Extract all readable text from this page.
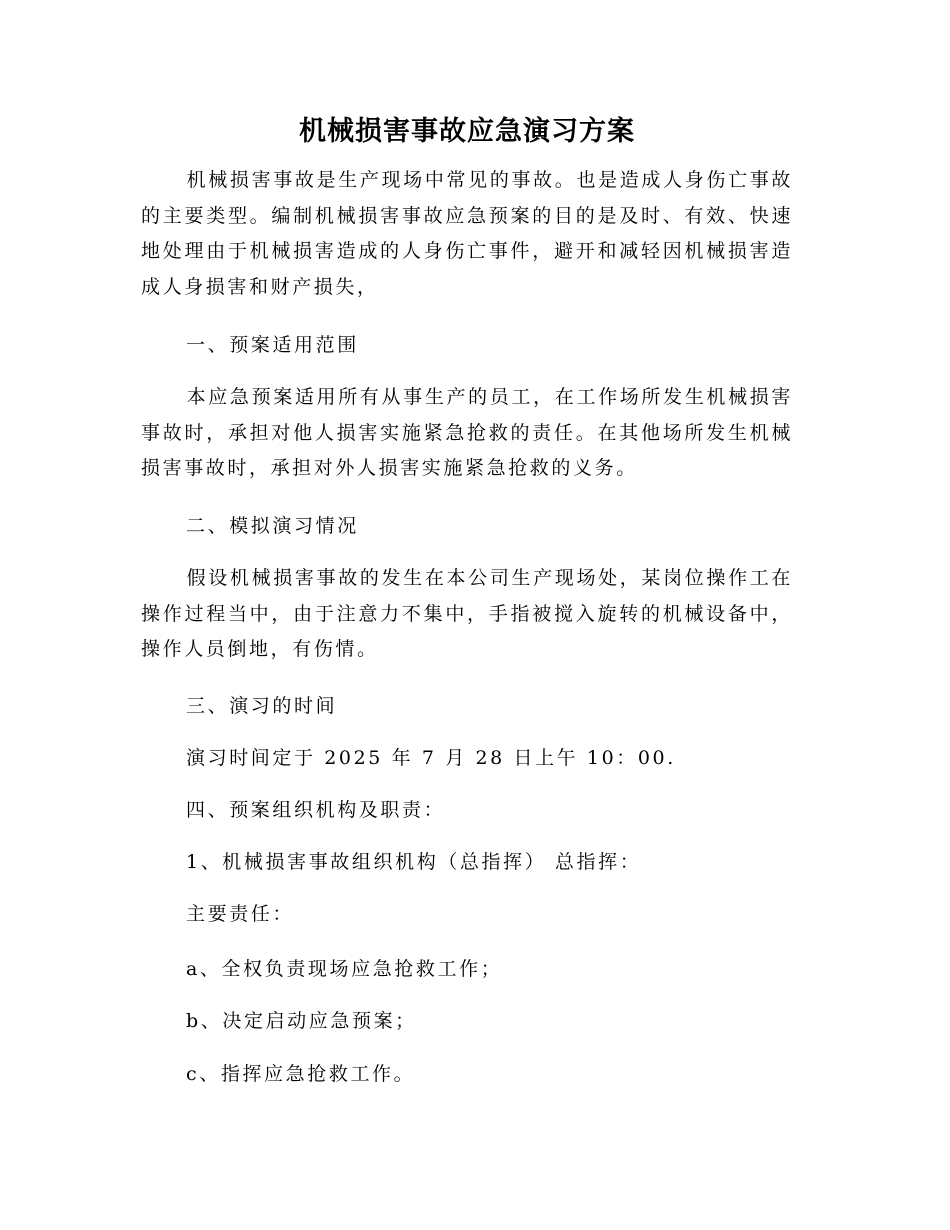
机械损害事故应急演习方案

机械损害事故是生产现场中常见的事故。也是造成人身伤亡事故的主要类型。编制机械损害事故应急预案的目的是及时、有效、快速地处理由于机械损害造成的人身伤亡事件，避开和减轻因机械损害造成人身损害和财产损失，

一、预案适用范围

本应急预案适用所有从事生产的员工，在工作场所发生机械损害事故时，承担对他人损害实施紧急抢救的责任。在其他场所发生机械损害事故时，承担对外人损害实施紧急抢救的义务。

二、模拟演习情况

假设机械损害事故的发生在本公司生产现场处，某岗位操作工在操作过程当中，由于注意力不集中，手指被搅入旋转的机械设备中，操作人员倒地，有伤情。

三、演习的时间

演习时间定于 2025 年 7 月 28 日上午 10：00.

四、预案组织机构及职责：

1、机械损害事故组织机构（总指挥） 总指挥：

主要责任：

a、全权负责现场应急抢救工作；

b、决定启动应急预案；

c、指挥应急抢救工作。
